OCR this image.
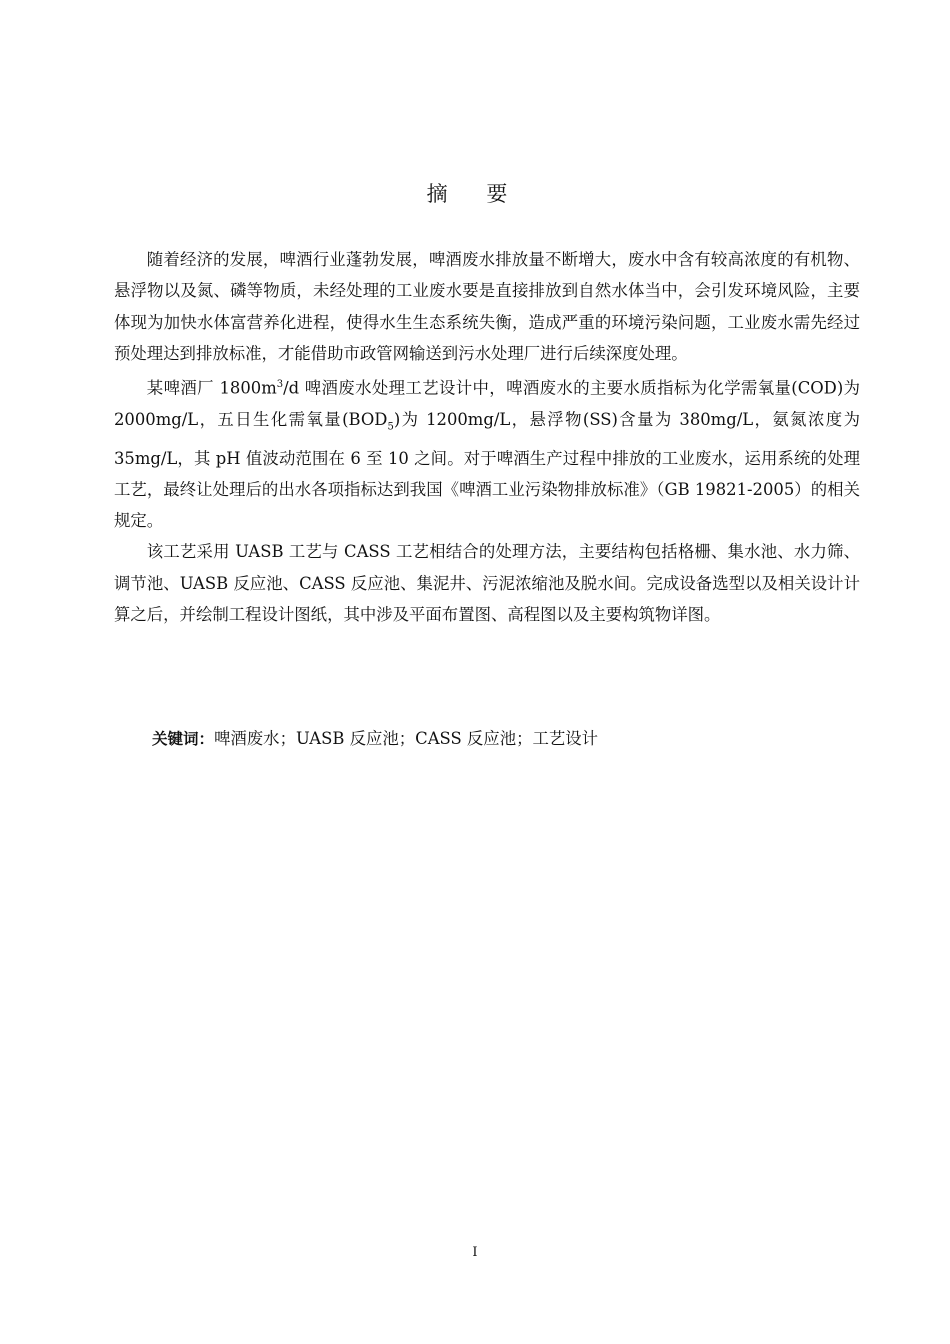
摘 要

随着经济的发展，啤酒行业蓬勃发展，啤酒废水排放量不断增大，废水中含有较高浓度的有机物、悬浮物以及氮、磷等物质，未经处理的工业废水要是直接排放到自然水体当中，会引发环境风险，主要体现为加快水体富营养化进程，使得水生生态系统失衡，造成严重的环境污染问题，工业废水需先经过预处理达到排放标准，才能借助市政管网输送到污水处理厂进行后续深度处理。

某啤酒厂 $1800m^3/d$ 啤酒废水处理工艺设计中，啤酒废水的主要水质指标为化学需氧量(COD)为 2000mg/L，五日生化需氧量$(BOD_5)$为 1200mg/L，悬浮物(SS)含量为 380mg/L，氨氮浓度为 35mg/L，其 pH 值波动范围在 6 至 10 之间。对于啤酒生产过程中排放的工业废水，运用系统的处理工艺，最终让处理后的出水各项指标达到我国《啤酒工业污染物排放标准》（GB 19821-2005）的相关规定。

该工艺采用 UASB 工艺与 CASS 工艺相结合的处理方法，主要结构包括格栅、集水池、水力筛、调节池、UASB 反应池、CASS 反应池、集泥井、污泥浓缩池及脱水间。完成设备选型以及相关设计计算之后，并绘制工程设计图纸，其中涉及平面布置图、高程图以及主要构筑物详图。

关键词：啤酒废水；UASB 反应池；CASS 反应池；工艺设计
I
